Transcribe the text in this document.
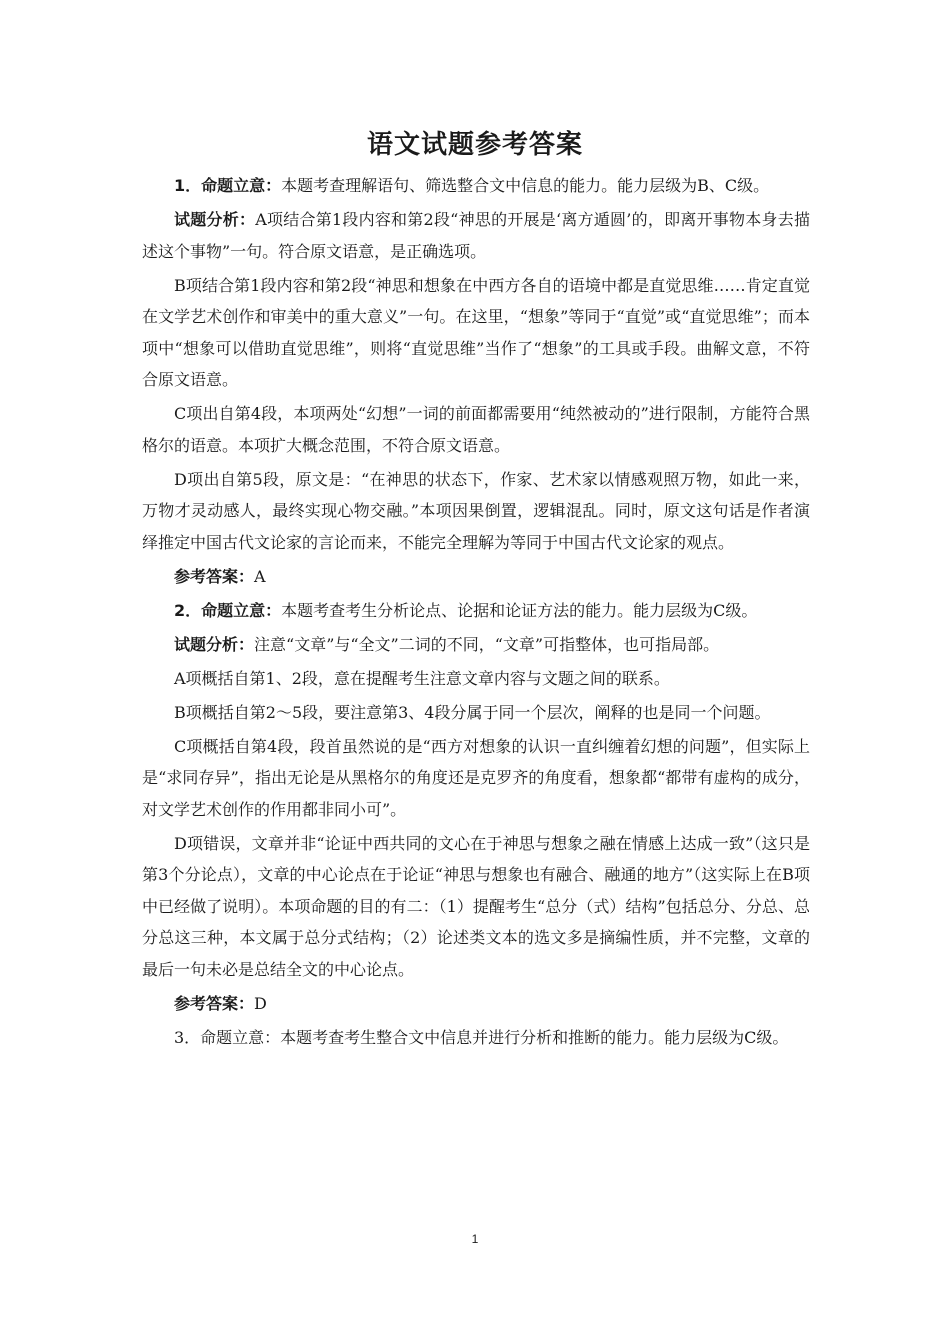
语文试题参考答案

1．命题立意：本题考查理解语句、筛选整合文中信息的能力。能力层级为B、C级。

试题分析：A项结合第1段内容和第2段“神思的开展是‘离方遁圆’的，即离开事物本身去描述这个事物”一句。符合原文语意，是正确选项。

B项结合第1段内容和第2段“神思和想象在中西方各自的语境中都是直觉思维……肯定直觉在文学艺术创作和审美中的重大意义”一句。在这里，“想象”等同于“直觉”或“直觉思维”；而本项中“想象可以借助直觉思维”，则将“直觉思维”当作了“想象”的工具或手段。曲解文意，不符合原文语意。

C项出自第4段，本项两处“幻想”一词的前面都需要用“纯然被动的”进行限制，方能符合黑格尔的语意。本项扩大概念范围，不符合原文语意。

D项出自第5段，原文是：“在神思的状态下，作家、艺术家以情感观照万物，如此一来，万物才灵动感人，最终实现心物交融。”本项因果倒置，逻辑混乱。同时，原文这句话是作者演绎推定中国古代文论家的言论而来，不能完全理解为等同于中国古代文论家的观点。

参考答案：A

2．命题立意：本题考查考生分析论点、论据和论证方法的能力。能力层级为C级。

试题分析：注意“文章”与“全文”二词的不同，“文章”可指整体，也可指局部。

A项概括自第1、2段，意在提醒考生注意文章内容与文题之间的联系。

B项概括自第2～5段，要注意第3、4段分属于同一个层次，阐释的也是同一个问题。

C项概括自第4段，段首虽然说的是“西方对想象的认识一直纠缠着幻想的问题”，但实际上是“求同存异”，指出无论是从黑格尔的角度还是克罗齐的角度看，想象都“都带有虚构的成分，对文学艺术创作的作用都非同小可”。

D项错误，文章并非“论证中西共同的文心在于神思与想象之融在情感上达成一致”（这只是第3个分论点），文章的中心论点在于论证“神思与想象也有融合、融通的地方”（这实际上在B项中已经做了说明）。本项命题的目的有二：（1）提醒考生“总分（式）结构”包括总分、分总、总分总这三种，本文属于总分式结构；（2）论述类文本的选文多是摘编性质，并不完整，文章的最后一句未必是总结全文的中心论点。

参考答案：D

3．命题立意：本题考查考生整合文中信息并进行分析和推断的能力。能力层级为C级。

1
